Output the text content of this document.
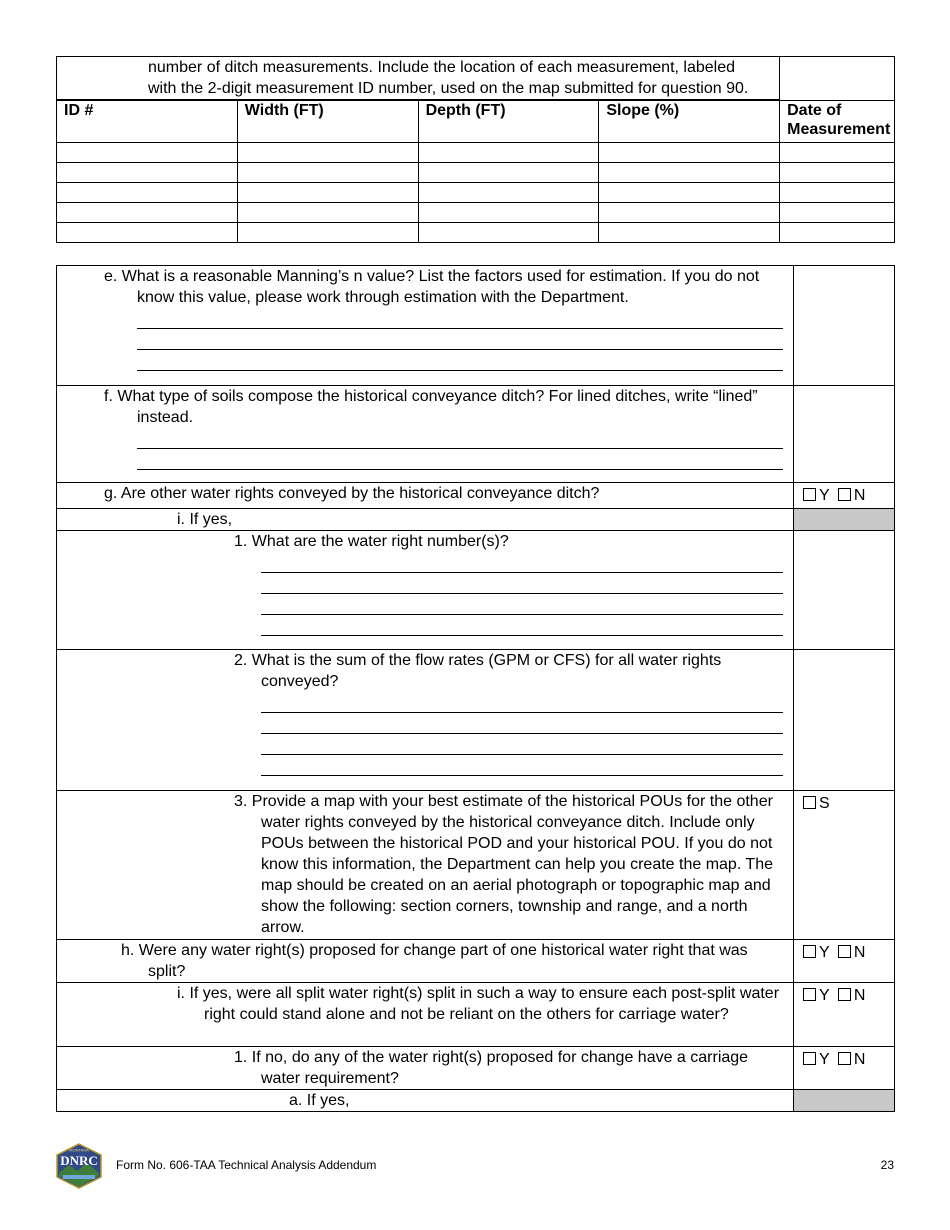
number of ditch measurements. Include the location of each measurement, labeled
with the 2-digit measurement ID number, used on the map submitted for question 90.				

ID #	Width (FT)	Depth (FT)	Slope (%)	Date of Measurement

e. What is a reasonable Manning’s n value? List the factors used for estimation. If you do not know this value, please work through estimation with the Department.	

f. What type of soils compose the historical conveyance ditch? For lined ditches, write “lined” instead.	

g. Are other water rights conveyed by the historical conveyance ditch?	Y N

i. If yes,	

1. What are the water right number(s)?	

2. What is the sum of the flow rates (GPM or CFS) for all water rights conveyed?	

3. Provide a map with your best estimate of the historical POUs for the other water rights conveyed by the historical conveyance ditch. Include only POUs between the historical POD and your historical POU. If you do not know this information, the Department can help you create the map. The map should be created on an aerial photograph or topographic map and show the following: section corners, township and range, and a north arrow.	S

h. Were any water right(s) proposed for change part of one historical water right that was split?	Y N

i. If yes, were all split water right(s) split in such a way to ensure each post-split water right could stand alone and not be reliant on the others for carriage water?	Y N

1. If no, do any of the water right(s) proposed for change have a carriage water requirement?	Y N

a. If yes,	

MONTANA
DNRC Form No. 606-TAA Technical Analysis Addendum	23
